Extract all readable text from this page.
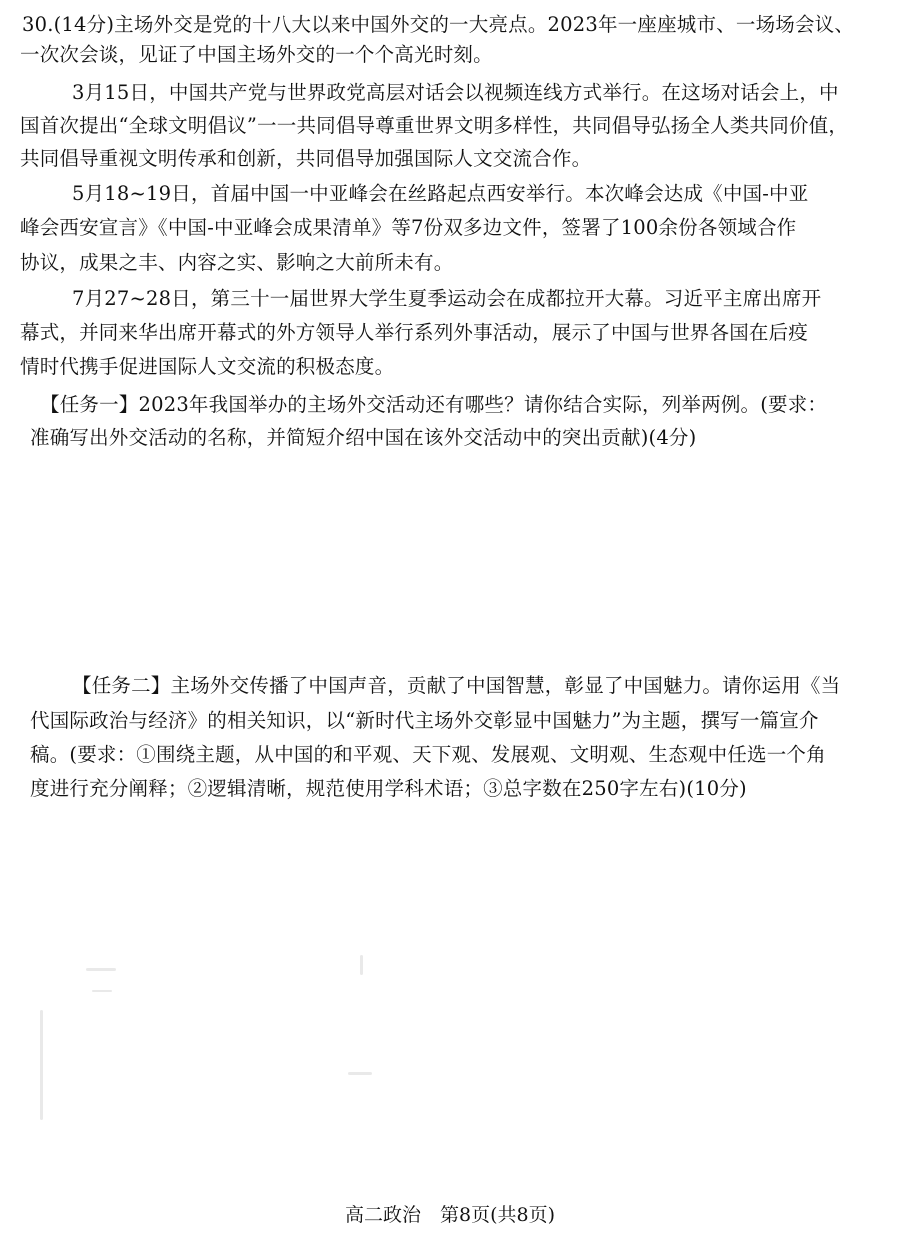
30.(14分)主场外交是党的十八大以来中国外交的一大亮点。2023年一座座城市、一场场会议、
一次次会谈，见证了中国主场外交的一个个高光时刻。
3月15日，中国共产党与世界政党高层对话会以视频连线方式举行。在这场对话会上，中
国首次提出“全球文明倡议”一一共同倡导尊重世界文明多样性，共同倡导弘扬全人类共同价值，
共同倡导重视文明传承和创新，共同倡导加强国际人文交流合作。
5月18~19日，首届中国一中亚峰会在丝路起点西安举行。本次峰会达成《中国-中亚
峰会西安宣言》《中国-中亚峰会成果清单》等7份双多边文件，签署了100余份各领域合作
协议，成果之丰、内容之实、影响之大前所未有。
7月27~28日，第三十一届世界大学生夏季运动会在成都拉开大幕。习近平主席出席开
幕式，并同来华出席开幕式的外方领导人举行系列外事活动，展示了中国与世界各国在后疫
情时代携手促进国际人文交流的积极态度。
【任务一】2023年我国举办的主场外交活动还有哪些？请你结合实际，列举两例。(要求：
准确写出外交活动的名称，并简短介绍中国在该外交活动中的突出贡献)(4分)
【任务二】主场外交传播了中国声音，贡献了中国智慧，彰显了中国魅力。请你运用《当
代国际政治与经济》的相关知识，以“新时代主场外交彰显中国魅力”为主题，撰写一篇宣介
稿。(要求：①围绕主题，从中国的和平观、天下观、发展观、文明观、生态观中任选一个角
度进行充分阐释；②逻辑清晰，规范使用学科术语；③总字数在250字左右)(10分)
高二政治　第8页(共8页)
